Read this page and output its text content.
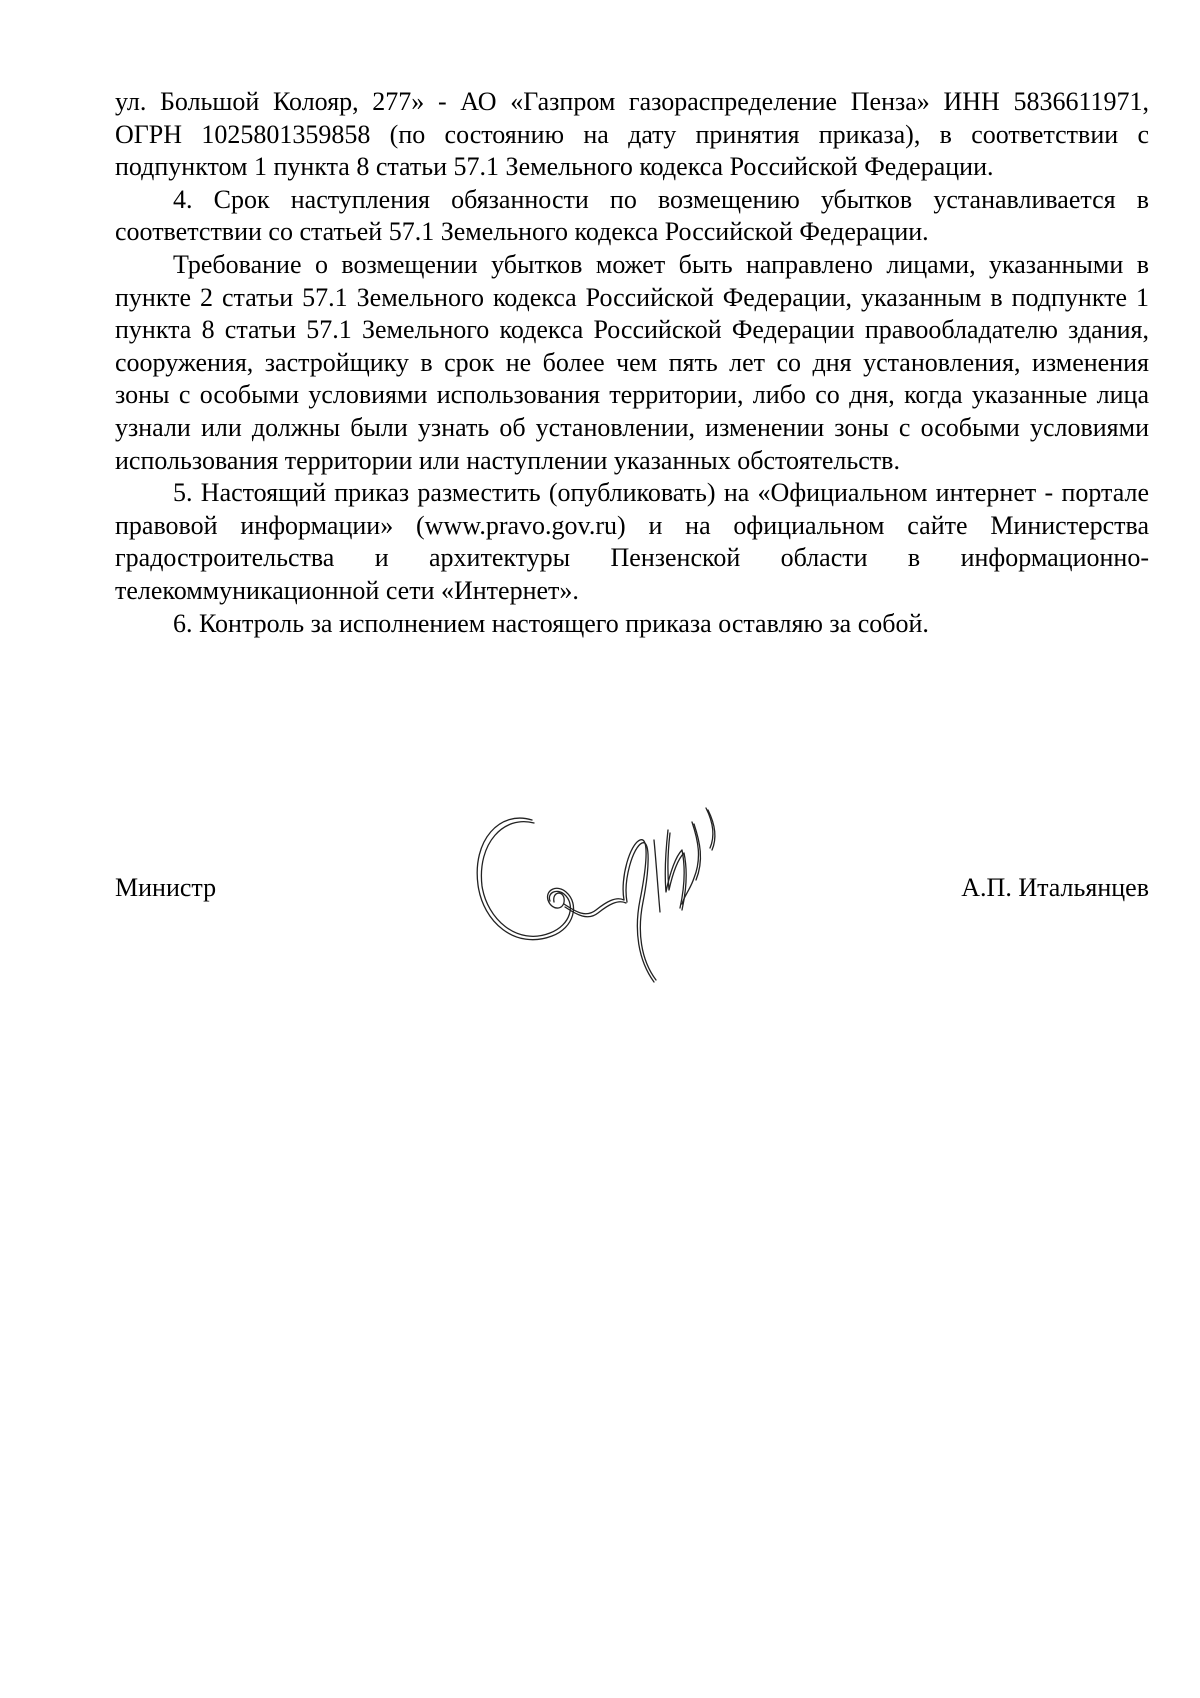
ул. Большой Колояр, 277» - АО «Газпром газораспределение Пенза» ИНН 5836611971, ОГРН 1025801359858 (по состоянию на дату принятия приказа), в соответствии с подпунктом 1 пункта 8 статьи 57.1 Земельного кодекса Российской Федерации.

4. Срок наступления обязанности по возмещению убытков устанавливается в соответствии со статьей 57.1 Земельного кодекса Российской Федерации.

Требование о возмещении убытков может быть направлено лицами, указанными в пункте 2 статьи 57.1 Земельного кодекса Российской Федерации, указанным в подпункте 1 пункта 8 статьи 57.1 Земельного кодекса Российской Федерации правообладателю здания, сооружения, застройщику в срок не более чем пять лет со дня установления, изменения зоны с особыми условиями использования территории, либо со дня, когда указанные лица узнали или должны были узнать об установлении, изменении зоны с особыми условиями использования территории или наступлении указанных обстоятельств.

5. Настоящий приказ разместить (опубликовать) на «Официальном интернет - портале правовой информации» (www.pravo.gov.ru) и на официальном сайте Министерства градостроительства и архитектуры Пензенской области в информационно-телекоммуникационной сети «Интернет».

6. Контроль за исполнением настоящего приказа оставляю за собой.

Министр	А.П. Итальянцев
